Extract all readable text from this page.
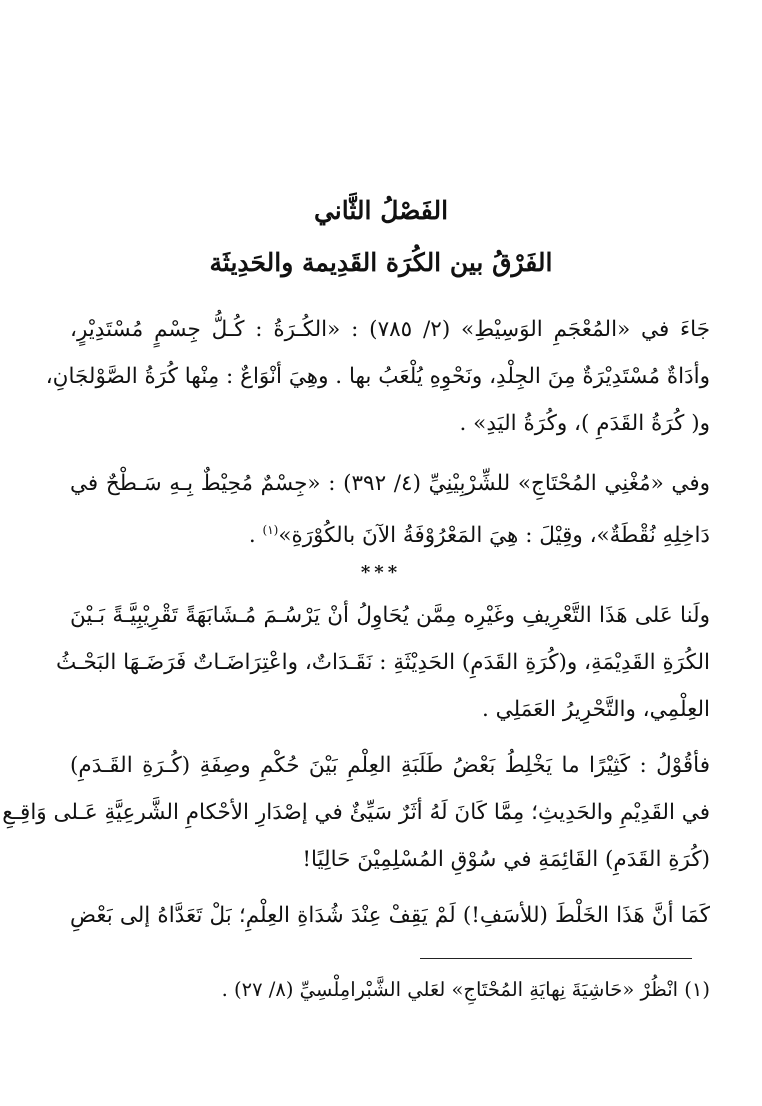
الفَصْلُ الثَّاني
الفَرْقُ بين الكُرَة القَدِيمة والحَدِيثَة
جَاءَ في «المُعْجَمِ الوَسِيْطِ» (٢/ ٧٨٥) : «الكُـرَةُ : كُـلُّ جِسْمٍ مُسْتَدِيْرٍ،
وأدَاةٌ مُسْتَدِيْرَةٌ مِنَ الجِلْدِ، ونَحْوِهِ يُلْعَبُ بها . وهِيَ أنْوَاعٌ : مِنْها كُرَةُ الصَّوْلجَانِ،
و( كُرَةُ القَدَمِ )، وكُرَةُ اليَدِ» .
وفي «مُغْنِي المُحْتَاجِ» للشِّرْبِيْنِيِّ (٤/ ٣٩٢) : «جِسْمٌ مُحِيْطٌ بِـهِ سَـطْحٌ في
دَاخِلِهِ نُقْطَةٌ»، وقِيْلَ : هِيَ المَعْرُوْفَةُ الآنَ بالكُوْرَةِ»$^{(١)}$ .
***
ولَنا عَلى هَذَا التَّعْرِيفِ وغَيْرِه مِمَّن يُحَاوِلُ أنْ يَرْسُـمَ مُـشَابَهَةً تَقْرِيْبِيَّـةً بَـيْنَ
الكُرَةِ القَدِيْمَةِ، و(كُرَةِ القَدَمِ) الحَدِيْثَةِ : نَقَـدَاتٌ، واعْتِرَاضَـاتٌ فَرَضَـهَا البَحْـثُ
العِلْمِي، والتَّحْرِيرُ العَمَلِي .
فأقُوْلُ : كَثِيْرًا ما يَخْلِطُ بَعْضُ طَلَبَةِ العِلْمِ بَيْنَ حُكْمِ وصِفَةِ (كُـرَةِ القَـدَمِ)
في القَدِيْمِ والحَدِيثِ؛ مِمَّا كَانَ لَهُ أثَرٌ سَيِّئٌ في إصْدَارِ الأحْكامِ الشَّرعِيَّةِ عَـلى وَاقِـعِ
(كُرَةِ القَدَمِ) القَائِمَةِ في سُوْقِ المُسْلِمِيْنَ حَالِيًا!
كَمَا أنَّ هَذَا الخَلْطَ (للأسَفِ!) لَمْ يَقِفْ عِنْدَ شُدَاةِ العِلْمِ؛ بَلْ تَعَدَّاهُ إلى بَعْضِ
(١) انْظُرْ «حَاشِيَةَ نِهايَةِ المُحْتَاجِ» لعَلي الشَّبْرامِلْسِيِّ (٨/ ٢٧) .
